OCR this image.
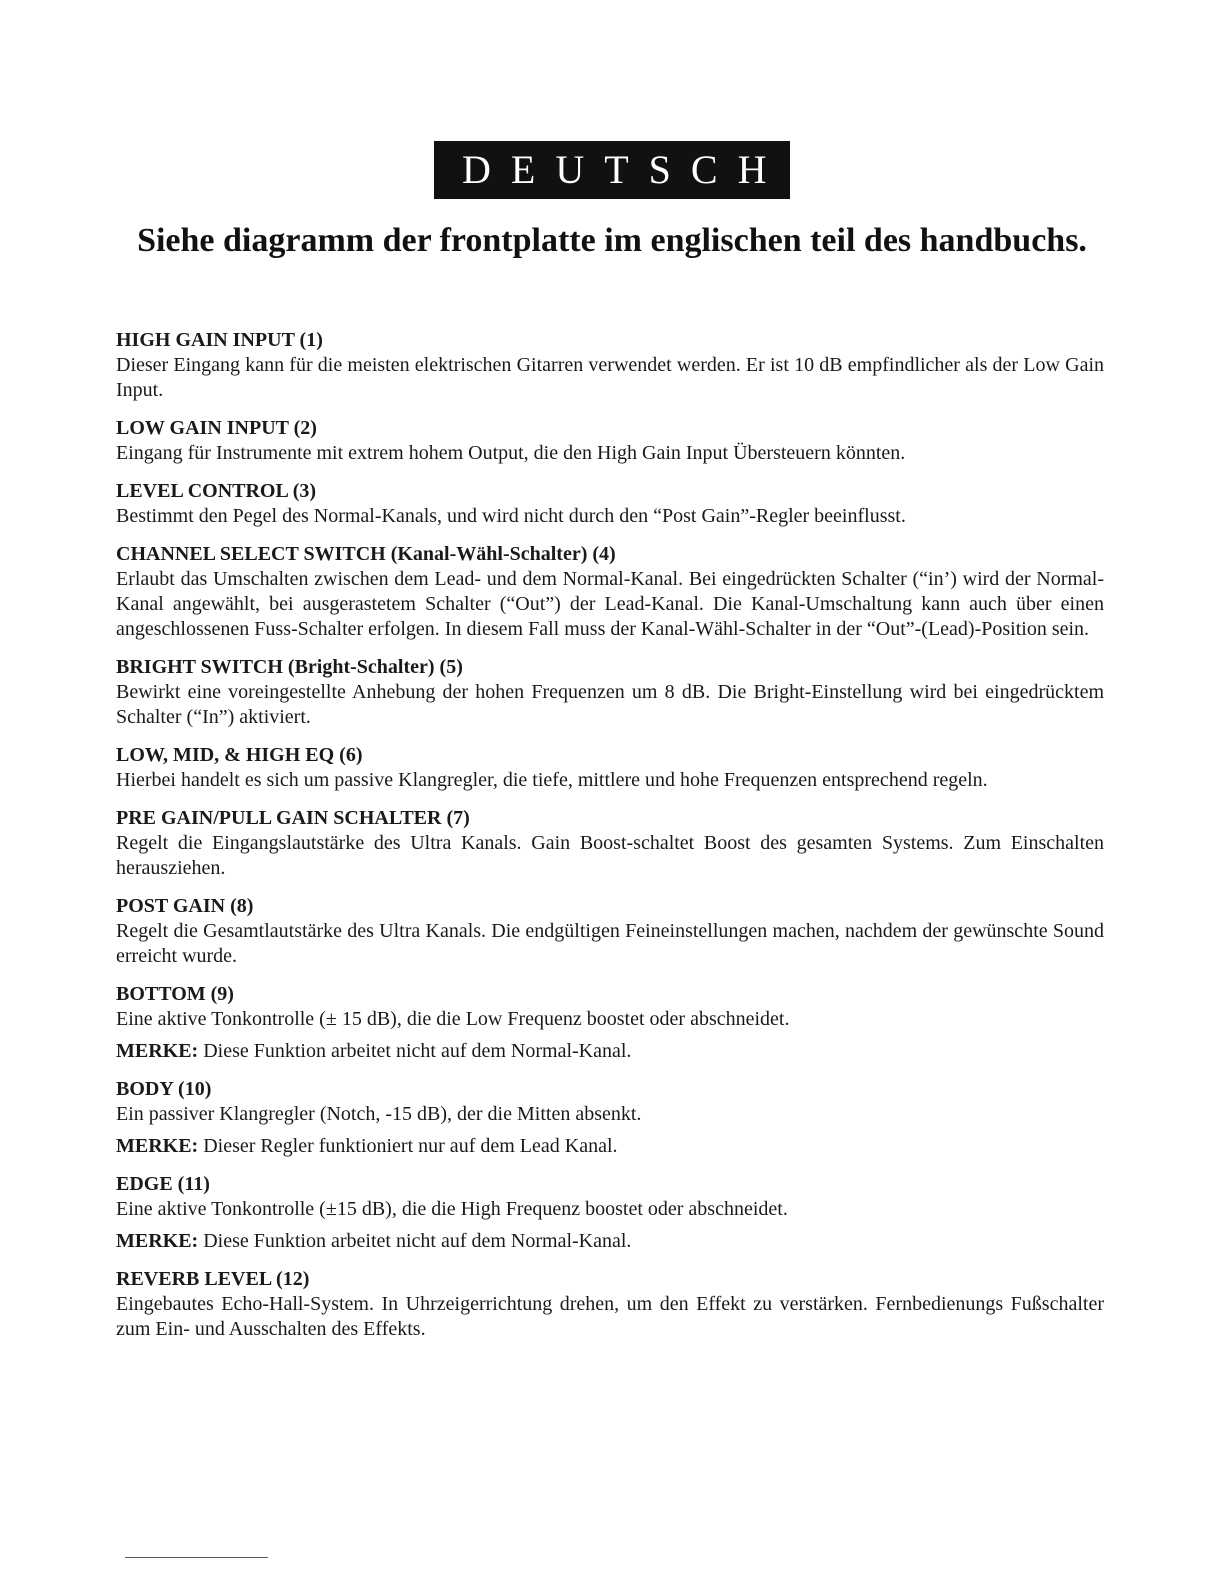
DEUTSCH
Siehe diagramm der frontplatte im englischen teil des handbuchs.

HIGH GAIN INPUT (1)

Dieser Eingang kann für die meisten elektrischen Gitarren verwendet werden. Er ist 10 dB empfindlicher als der Low Gain Input.

LOW GAIN INPUT (2)

Eingang für Instrumente mit extrem hohem Output, die den High Gain Input Übersteuern könnten.

LEVEL CONTROL (3)

Bestimmt den Pegel des Normal-Kanals, und wird nicht durch den “Post Gain”-Regler beeinflusst.

CHANNEL SELECT SWITCH (Kanal-Wähl-Schalter) (4)

Erlaubt das Umschalten zwischen dem Lead- und dem Normal-Kanal. Bei eingedrückten Schalter (“in’) wird der Normal-Kanal angewählt, bei ausgerastetem Schalter (“Out”) der Lead-Kanal. Die Kanal-Umschaltung kann auch über einen angeschlossenen Fuss-Schalter erfolgen. In diesem Fall muss der Kanal-Wähl-Schalter in der “Out”-(Lead)-Position sein.

BRIGHT SWITCH (Bright-Schalter) (5)

Bewirkt eine voreingestellte Anhebung der hohen Frequenzen um 8 dB. Die Bright-Einstellung wird bei eingedrücktem Schalter (“In”) aktiviert.

LOW, MID, & HIGH EQ (6)

Hierbei handelt es sich um passive Klangregler, die tiefe, mittlere und hohe Frequenzen entsprechend regeln.

PRE GAIN/PULL GAIN SCHALTER (7)

Regelt die Eingangslautstärke des Ultra Kanals. Gain Boost-schaltet Boost des gesamten Systems. Zum Einschalten herausziehen.

POST GAIN (8)

Regelt die Gesamtlautstärke des Ultra Kanals. Die endgültigen Feineinstellungen machen, nachdem der gewünschte Sound erreicht wurde.

BOTTOM (9)

Eine aktive Tonkontrolle (± 15 dB), die die Low Frequenz boostet oder abschneidet.

MERKE: Diese Funktion arbeitet nicht auf dem Normal-Kanal.

BODY (10)

Ein passiver Klangregler (Notch, -15 dB), der die Mitten absenkt.

MERKE: Dieser Regler funktioniert nur auf dem Lead Kanal.

EDGE (11)

Eine aktive Tonkontrolle (±15 dB), die die High Frequenz boostet oder abschneidet.

MERKE: Diese Funktion arbeitet nicht auf dem Normal-Kanal.

REVERB LEVEL (12)

Eingebautes Echo-Hall-System. In Uhrzeigerrichtung drehen, um den Effekt zu verstärken. Fernbedienungs Fußschalter zum Ein- und Ausschalten des Effekts.
